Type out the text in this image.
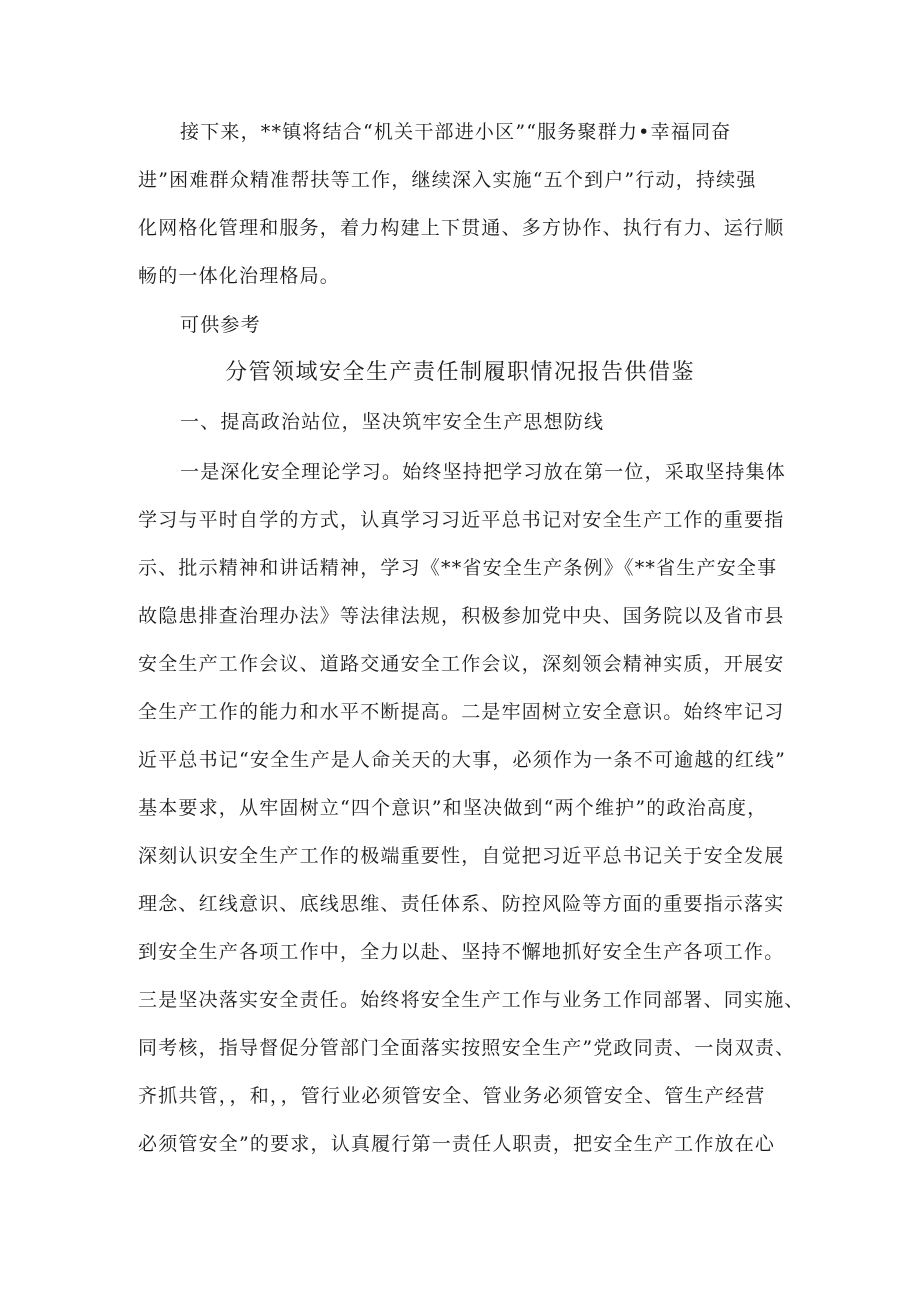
接下来，**镇将结合“机关干部进小区”“服务聚群力•幸福同奋
进”困难群众精准帮扶等工作，继续深入实施“五个到户”行动，持续强
化网格化管理和服务，着力构建上下贯通、多方协作、执行有力、运行顺
畅的一体化治理格局。
可供参考
分管领域安全生产责任制履职情况报告供借鉴
一、提高政治站位，坚决筑牢安全生产思想防线
一是深化安全理论学习。始终坚持把学习放在第一位，采取坚持集体
学习与平时自学的方式，认真学习习近平总书记对安全生产工作的重要指
示、批示精神和讲话精神，学习《**省安全生产条例》《**省生产安全事
故隐患排查治理办法》等法律法规，积极参加党中央、国务院以及省市县
安全生产工作会议、道路交通安全工作会议，深刻领会精神实质，开展安
全生产工作的能力和水平不断提高。二是牢固树立安全意识。始终牢记习
近平总书记“安全生产是人命关天的大事，必须作为一条不可逾越的红线”
基本要求，从牢固树立“四个意识”和坚决做到“两个维护”的政治高度，
深刻认识安全生产工作的极端重要性，自觉把习近平总书记关于安全发展
理念、红线意识、底线思维、责任体系、防控风险等方面的重要指示落实
到安全生产各项工作中，全力以赴、坚持不懈地抓好安全生产各项工作。
三是坚决落实安全责任。始终将安全生产工作与业务工作同部署、同实施、
同考核，指导督促分管部门全面落实按照安全生产”党政同责、一岗双责、
齐抓共管，，和，，管行业必须管安全、管业务必须管安全、管生产经营
必须管安全”的要求，认真履行第一责任人职责，把安全生产工作放在心
